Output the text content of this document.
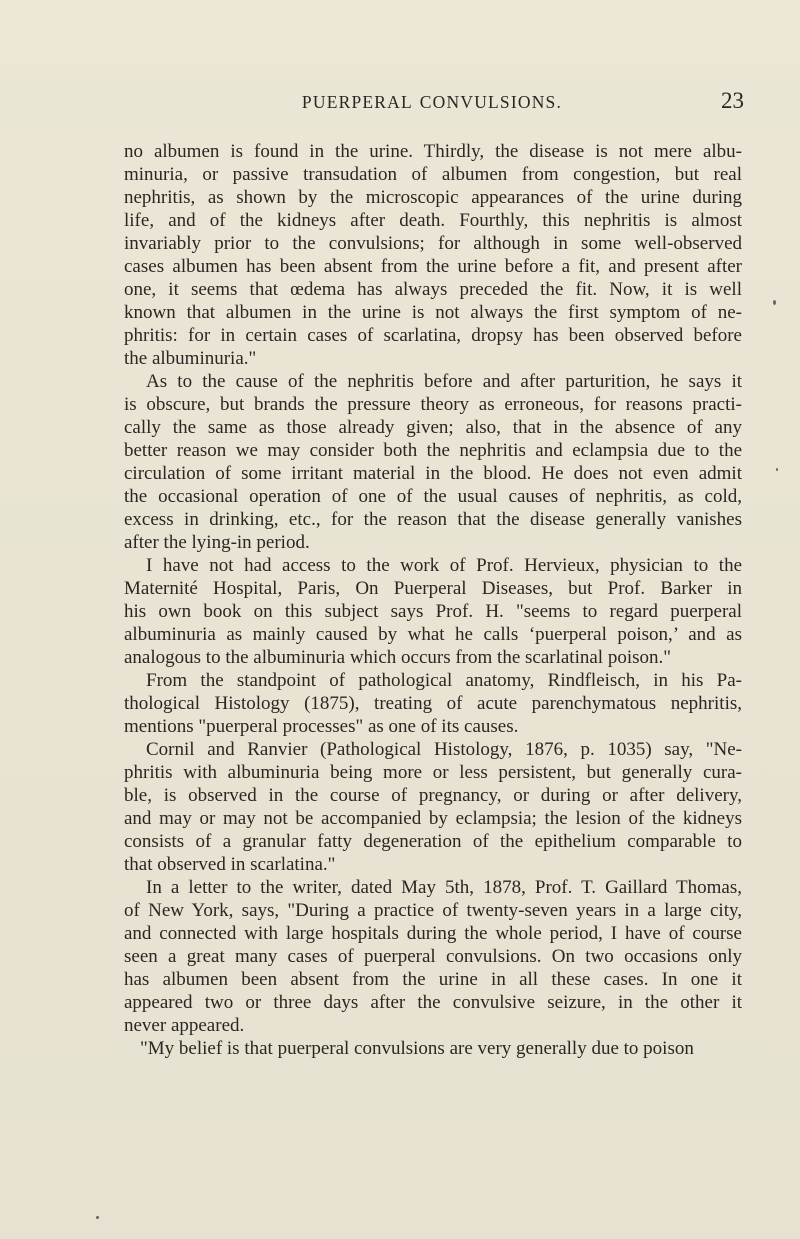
PUERPERAL CONVULSIONS.	23
no albumen is found in the urine. Thirdly, the disease is not mere albu-
minuria, or passive transudation of albumen from congestion, but real
nephritis, as shown by the microscopic appearances of the urine during
life, and of the kidneys after death. Fourthly, this nephritis is almost
invariably prior to the convulsions; for although in some well-observed
cases albumen has been absent from the urine before a fit, and present after
one, it seems that œdema has always preceded the fit. Now, it is well
known that albumen in the urine is not always the first symptom of ne-
phritis: for in certain cases of scarlatina, dropsy has been observed before
the albuminuria."
As to the cause of the nephritis before and after parturition, he says it
is obscure, but brands the pressure theory as erroneous, for reasons practi-
cally the same as those already given; also, that in the absence of any
better reason we may consider both the nephritis and eclampsia due to the
circulation of some irritant material in the blood. He does not even admit
the occasional operation of one of the usual causes of nephritis, as cold,
excess in drinking, etc., for the reason that the disease generally vanishes
after the lying-in period.
I have not had access to the work of Prof. Hervieux, physician to the
Maternité Hospital, Paris, On Puerperal Diseases, but Prof. Barker in
his own book on this subject says Prof. H. "seems to regard puerperal
albuminuria as mainly caused by what he calls ‘puerperal poison,’ and as
analogous to the albuminuria which occurs from the scarlatinal poison."
From the standpoint of pathological anatomy, Rindfleisch, in his Pa-
thological Histology (1875), treating of acute parenchymatous nephritis,
mentions "puerperal processes" as one of its causes.
Cornil and Ranvier (Pathological Histology, 1876, p. 1035) say, "Ne-
phritis with albuminuria being more or less persistent, but generally cura-
ble, is observed in the course of pregnancy, or during or after delivery,
and may or may not be accompanied by eclampsia; the lesion of the kidneys
consists of a granular fatty degeneration of the epithelium comparable to
that observed in scarlatina."
In a letter to the writer, dated May 5th, 1878, Prof. T. Gaillard Thomas,
of New York, says, "During a practice of twenty-seven years in a large city,
and connected with large hospitals during the whole period, I have of course
seen a great many cases of puerperal convulsions. On two occasions only
has albumen been absent from the urine in all these cases. In one it
appeared two or three days after the convulsive seizure, in the other it
never appeared.
"My belief is that puerperal convulsions are very generally due to poison
